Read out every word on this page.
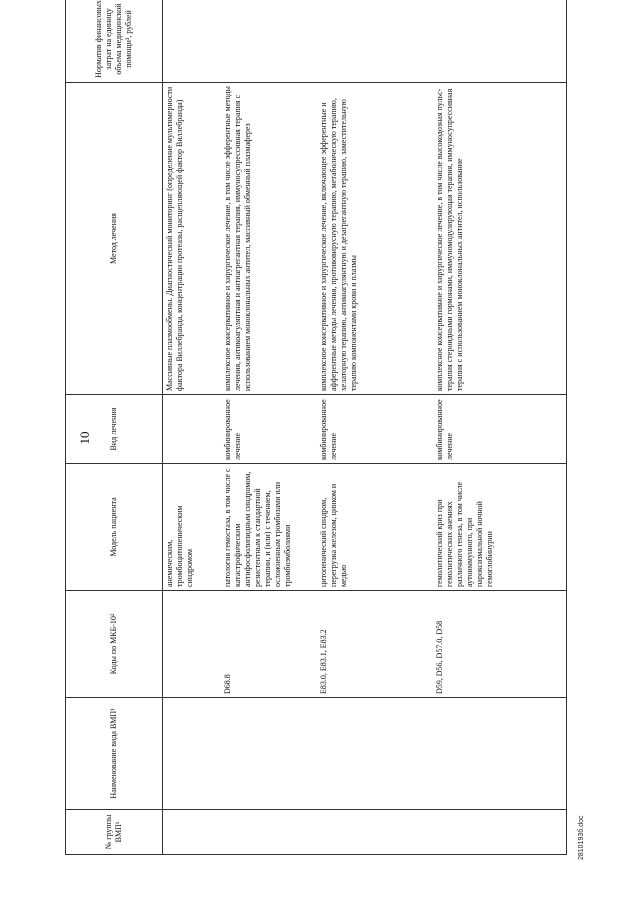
10
№ группы ВМП¹	Наименование вида ВМП¹	Коды по МКБ-10²	Модель пациента	Вид лечения	Метод лечения	Норматив финансовых затрат на единицу объема медицинской помощи³, рублей
			анемическим, тромбоцитопеническим синдромом		Массивные плазмообмены. Диагностический мониторинг (определение мультимерности фактора Виллебранда, концентрации протеазы, расщепляющей фактор Виллебранда)	
		D68.8	патология гемостаза, в том числе с катастрофическим антифосфолипидным синдромом, резистентным к стандартной терапии, и (или) с течением, осложненным тромбозами или тромбоэмболиями	комбинированное лечение	комплексное консервативное и хирургическое лечение, в том числе эфферентные методы лечения, антикоагулянтная и антиагрегантная терапия, иммуносупрессивная терапия с использованием моноклональных антител, массивный обменный плазмаферез	
		E83.0, E83.1, E83.2	цитопенический синдром, перегрузка железом, цинком и медью	комбинированное лечение	комплексное консервативное и хирургическое лечение, включающее эфферентные и афферентные методы лечения, противовирусную терапию, метаболическую терапию, хелаторную терапию, антикоагулянтную и дезагрегантную терапию, заместительную терапию компонентами крови и плазмы	
		D59, D56, D57.0, D58	гемолитический криз при гемолитических анемиях различного генеза, в том числе аутоиммунного, при пароксизмальной ночной гемоглобинурии	комбинированное лечение	комплексное консервативное и хирургическое лечение, в том числе высокодозная пульс-терапия стероидными гормонами, иммуномодулирующая терапия, иммуносупрессивная терапия с использованием моноклональных антител, использование	
2810193б.doc
